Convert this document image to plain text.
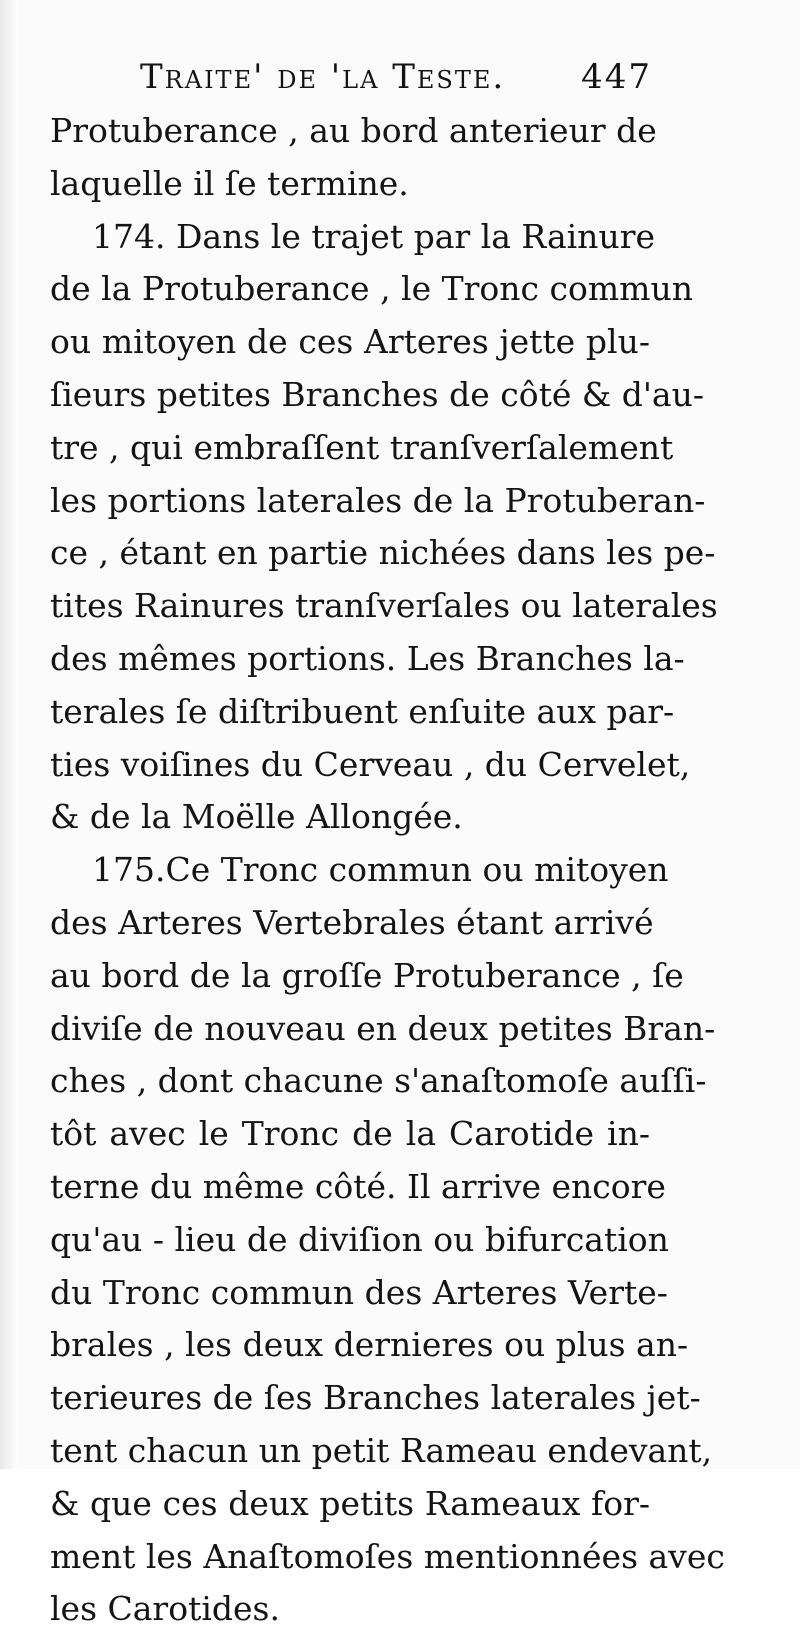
Traite' de 'la Teste. 447
Protuberance , au bord anterieur de
laquelle il ſe termine.
174. Dans le trajet par la Rainure
de la Protuberance , le Tronc commun
ou mitoyen de ces Arteres jette plu-
ſieurs petites Branches de côté & d'au-
tre , qui embraſſent tranſverſalement
les portions laterales de la Protuberan-
ce , étant en partie nichées dans les pe-
tites Rainures tranſverſales ou laterales
des mêmes portions. Les Branches la-
terales ſe diſtribuent enſuite aux par-
ties voiſines du Cerveau , du Cervelet,
& de la Moëlle Allongée.
175.Ce Tronc commun ou mitoyen
des Arteres Vertebrales étant arrivé
au bord de la groſſe Protuberance , ſe
diviſe de nouveau en deux petites Bran-
ches , dont chacune s'anaſtomoſe auſſi-
tôt avec le Tronc de la Carotide in-
terne du même côté. Il arrive encore
qu'au - lieu de diviſion ou bifurcation
du Tronc commun des Arteres Verte-
brales , les deux dernieres ou plus an-
terieures de ſes Branches laterales jet-
tent chacun un petit Rameau endevant,
& que ces deux petits Rameaux for-
ment les Anaſtomoſes mentionnées avec
les Carotides.
